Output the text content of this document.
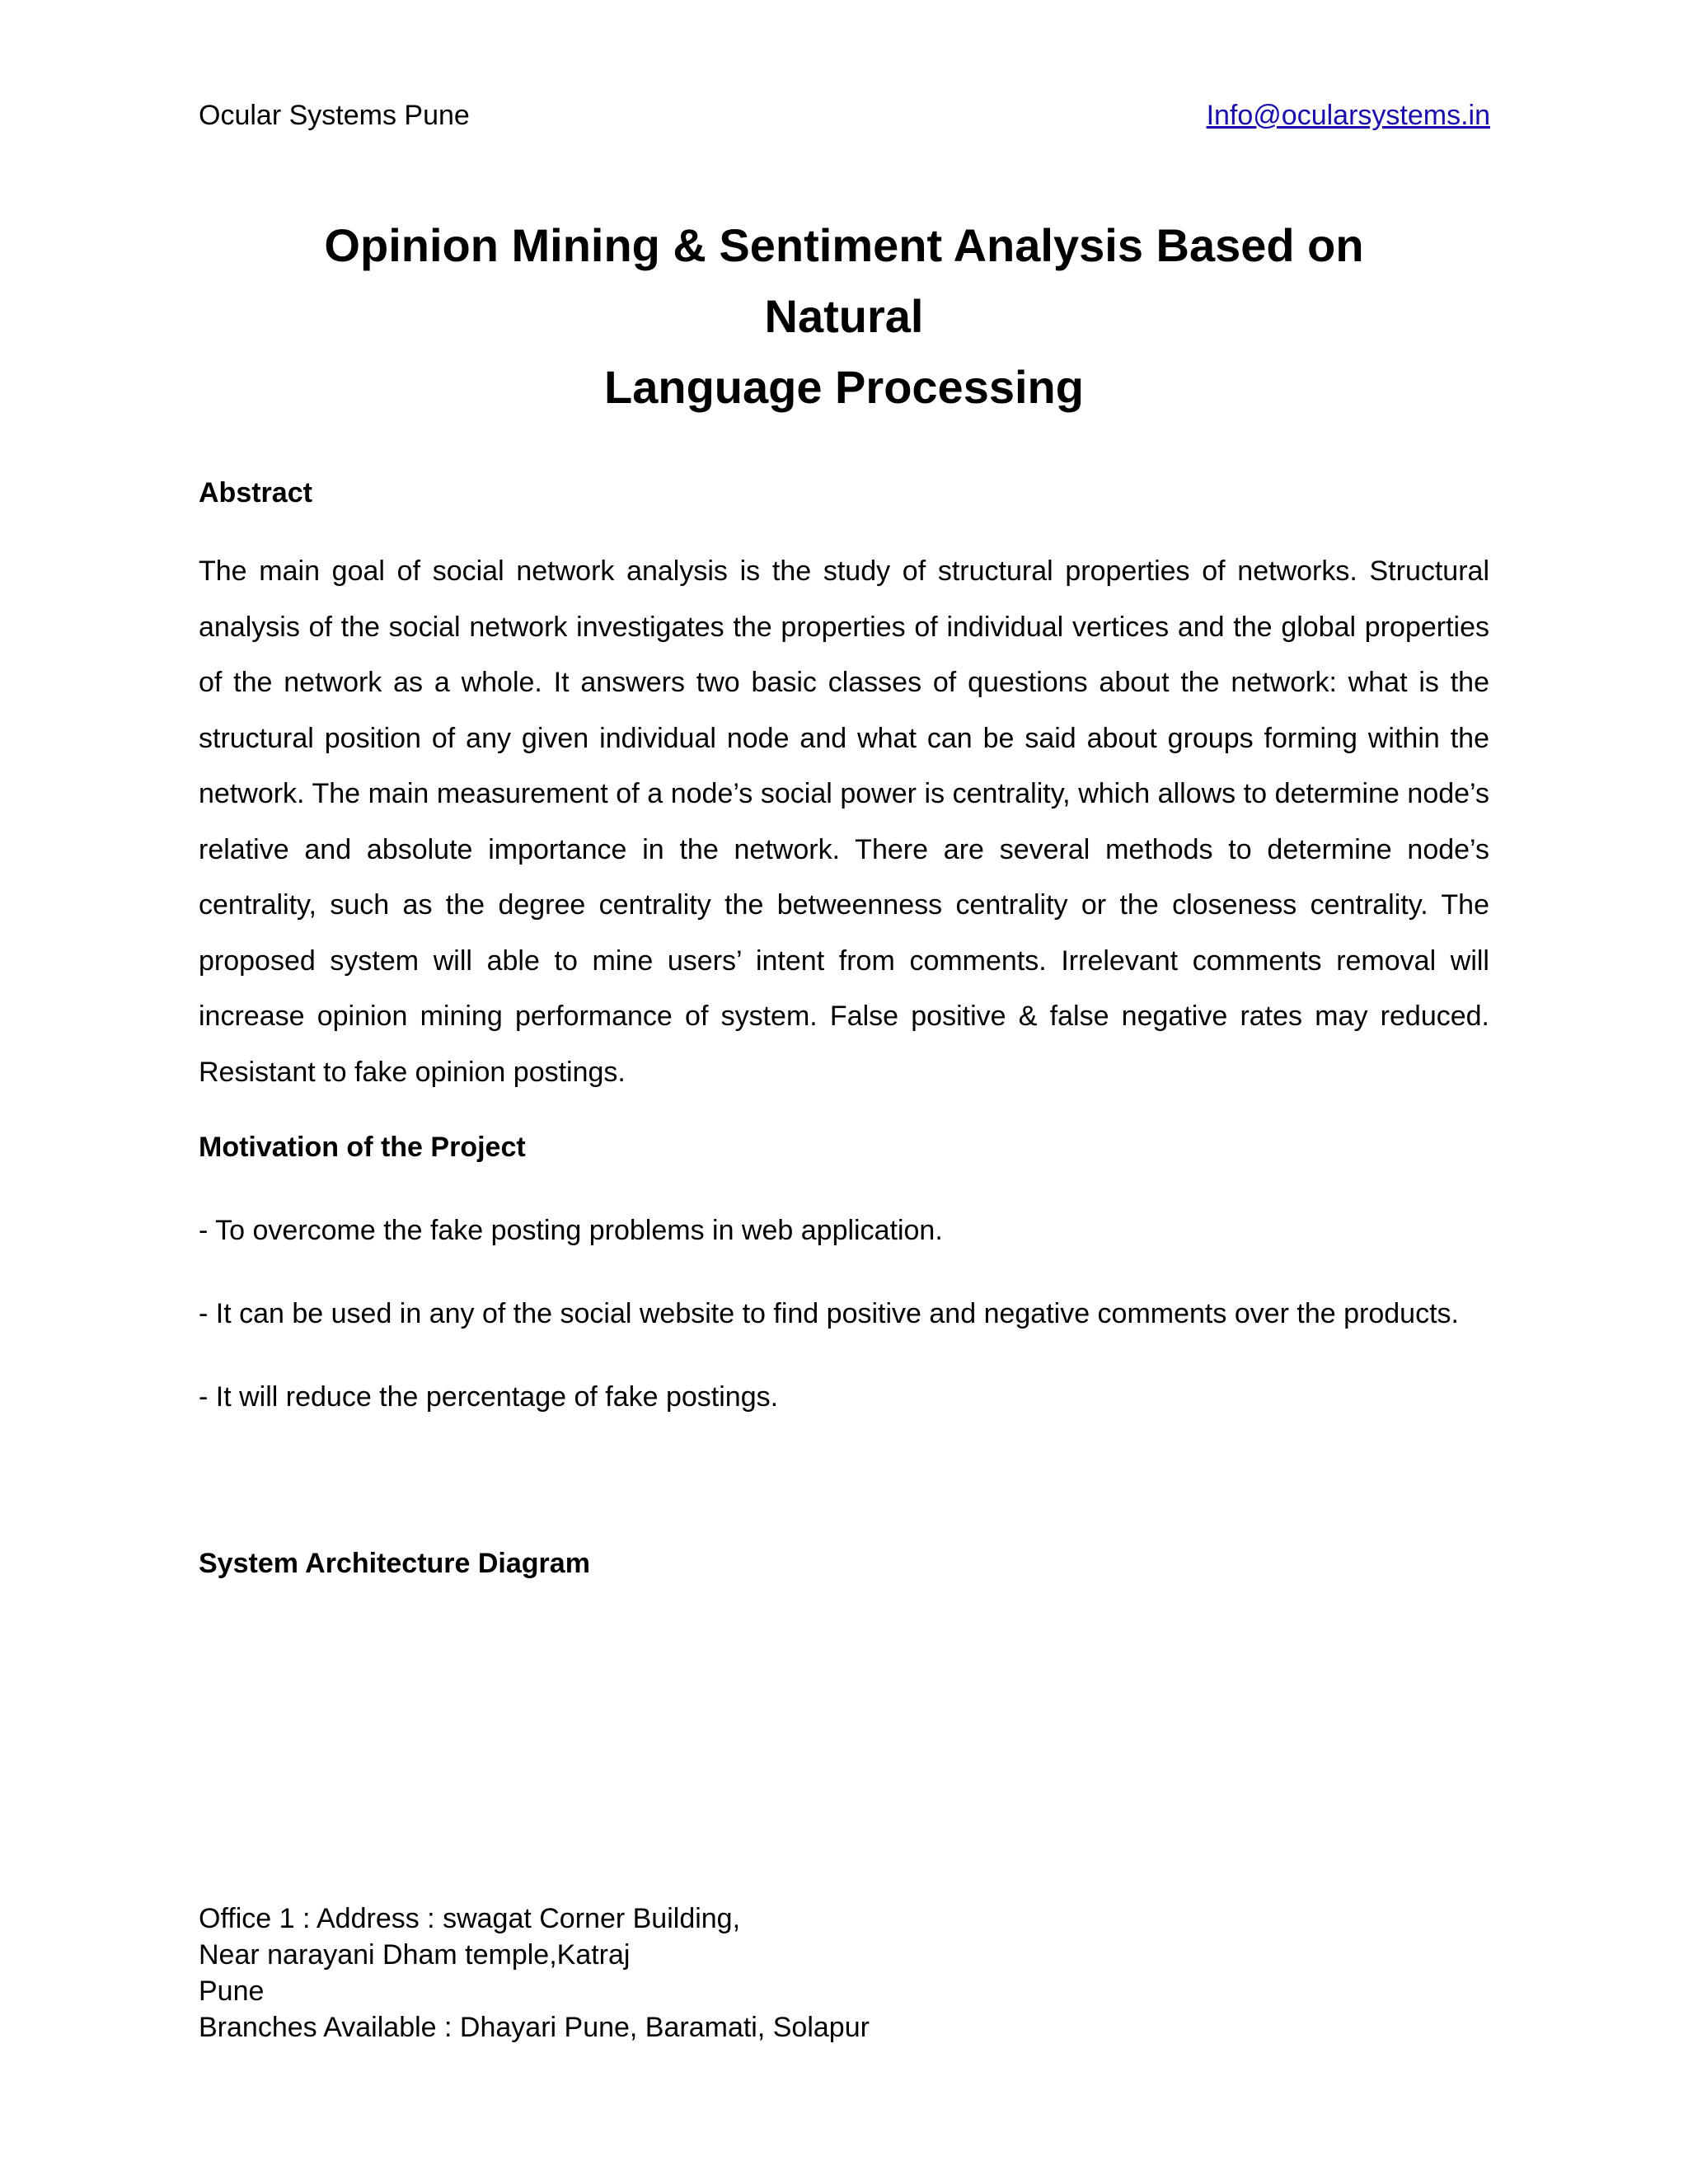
Ocular Systems Pune	Info@ocularsystems.in
Opinion Mining & Sentiment Analysis Based on Natural
Language Processing
Abstract
The main goal of social network analysis is the study of structural properties of networks. Structural analysis of the social network investigates the properties of individual vertices and the global properties of the network as a whole. It answers two basic classes of questions about the network: what is the structural position of any given individual node and what can be said about groups forming within the network. The main measurement of a node’s social power is centrality, which allows to determine node’s relative and absolute importance in the network. There are several methods to determine node’s centrality, such as the degree centrality the betweenness centrality or the closeness centrality. The proposed system will able to mine users’ intent from comments. Irrelevant comments removal will increase opinion mining performance of system. False positive & false negative rates may reduced. Resistant to fake opinion postings.
Motivation of the Project
- To overcome the fake posting problems in web application.
- It can be used in any of the social website to find positive and negative comments over the products.
- It will reduce the percentage of fake postings.
System Architecture Diagram
Office 1 : Address : swagat Corner Building,
Near narayani Dham temple,Katraj
Pune
Branches Available : Dhayari Pune, Baramati, Solapur
